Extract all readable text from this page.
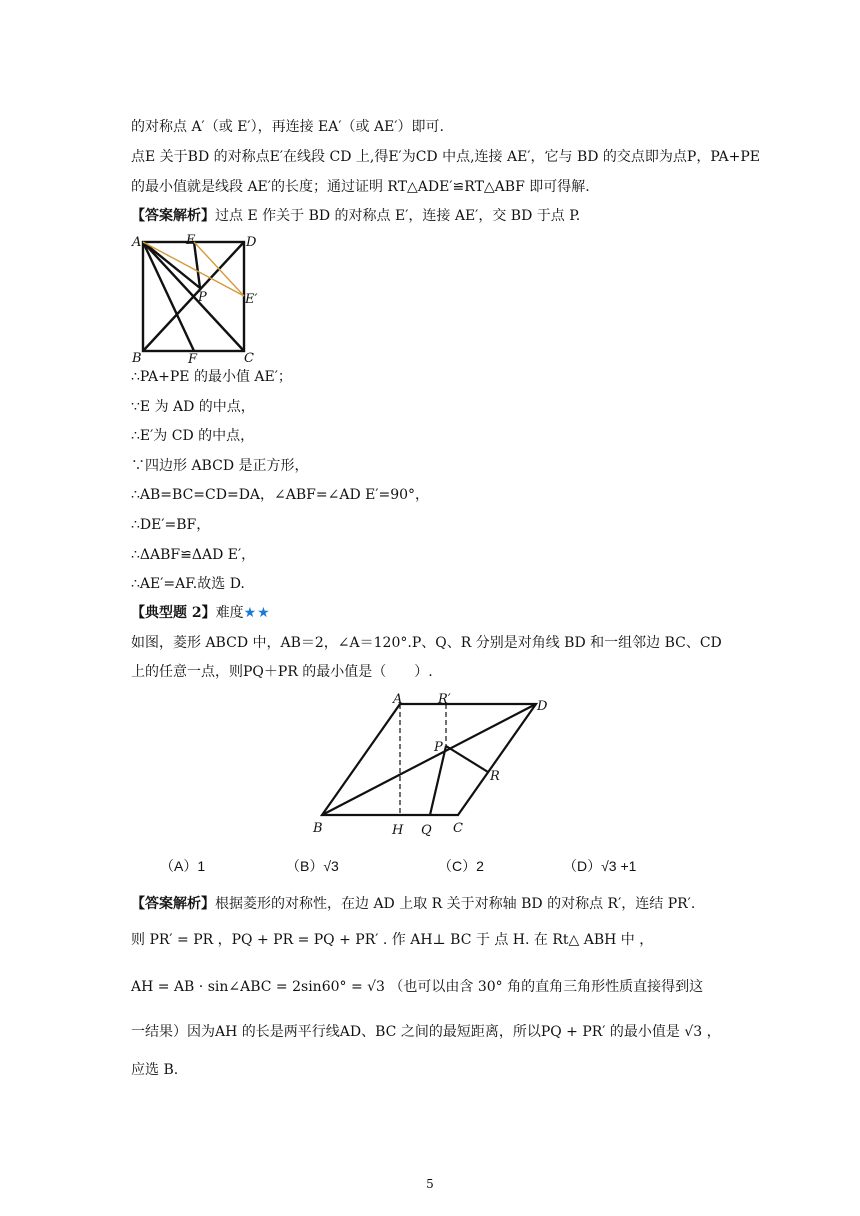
的对称点 A′（或 E′），再连接 EA′（或 AE′）即可.
点E 关于BD 的对称点E′在线段 CD 上,得E′为CD 中点,连接 AE′，它与 BD 的交点即为点P，PA+PE
的最小值就是线段 AE′的长度；通过证明 RT△ADE′≌RT△ABF 即可得解.
【答案解析】过点 E 作关于 BD 的对称点 E′，连接 AE′，交 BD 于点 P.
A	E	D
P	E′
B	F	C
∴PA+PE 的最小值 AE′；
∵E 为 AD 的中点，
∴E′为 CD 的中点，
∵四边形 ABCD 是正方形，
∴AB=BC=CD=DA，∠ABF=∠AD E′=90°，
∴DE′=BF，
∴ΔABF≌ΔAD E′，
∴AE′=AF.故选 D.
【典型题 2】难度★★
如图，菱形 ABCD 中，AB＝2，∠A＝120°.P、Q、R 分别是对角线 BD 和一组邻边 BC、CD
上的任意一点，则PQ＋PR 的最小值是（　　）.
A	R′	D
P
R
B	H Q C
（A）1	（B）√3	（C）2	（D）√3 +1
【答案解析】根据菱形的对称性，在边 AD 上取 R 关于对称轴 BD 的对称点 R′，连结 PR′.
则 PR′ = PR ，PQ + PR = PQ + PR′ . 作 AH⊥ BC 于 点 H. 在 Rt△ ABH 中 ，
AH = AB · sin∠ABC = 2sin60° = √3 （也可以由含 30° 角的直角三角形性质直接得到这
一结果）因为AH 的长是两平行线AD、BC 之间的最短距离，所以PQ + PR′ 的最小值是 √3 ，
应选 B.
5
